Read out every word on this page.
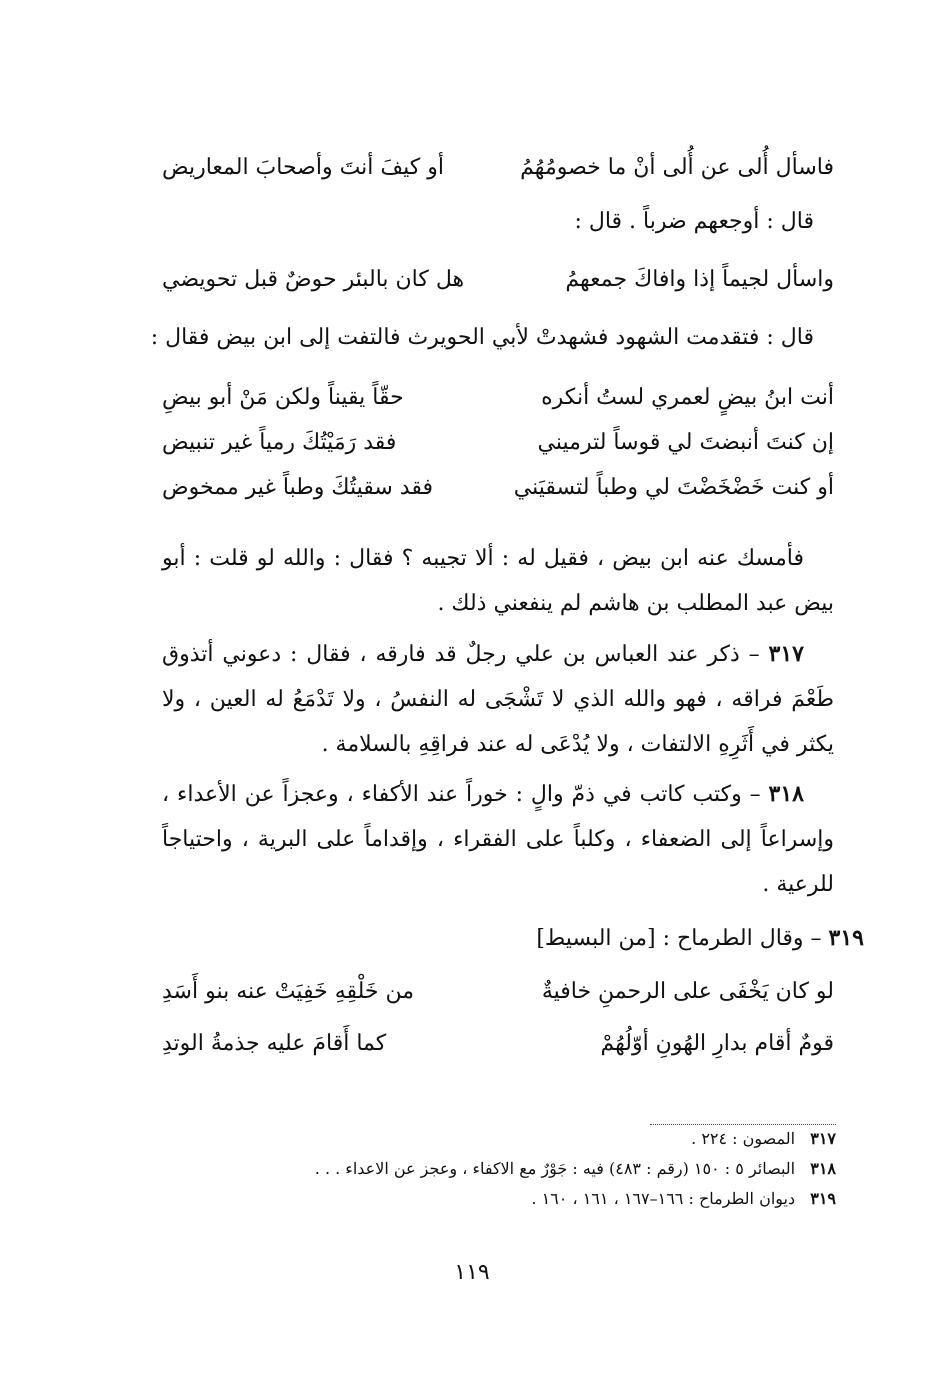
فاسأل أُلى عن أُلى أنْ ما خصومُهُمُ
أو كيفَ أنتَ وأصحابَ المعاريض
قال : أوجعهم ضرباً . قال :
واسأل لجيماً إذا وافاكَ جمعهمُ
هل كان بالبئر حوضٌ قبل تحويضي
قال : فتقدمت الشهود فشهدتْ لأبي الحويرث فالتفت إلى ابن بيض فقال :
أنت ابنُ بيضٍ لعمري لستُ أنكره
حقّاً يقيناً ولكن مَنْ أبو بيضِ
إن كنتَ أنبضتَ لي قوساً لترميني
فقد رَمَيْتُكَ رمياً غير تنبيض
أو كنت خَضْخَضْتَ لي وطباً لتسقيَني
فقد سقيتُكَ وطباً غير ممخوض
فأمسك عنه ابن بيض ، فقيل له : ألا تجيبه ؟ فقال : والله لو قلت : أبو بيض عبد المطلب بن هاشم لم ينفعني ذلك .
٣١٧ – ذكر عند العباس بن علي رجلٌ قد فارقه ، فقال : دعوني أتذوق طَعْمَ فراقه ، فهو والله الذي لا تَشْجَى له النفسُ ، ولا تَدْمَعُ له العين ، ولا يكثر في أَثَرِهِ الالتفات ، ولا يُدْعَى له عند فراقِهِ بالسلامة .
٣١٨ – وكتب كاتب في ذمّ والٍ : خوراً عند الأكفاء ، وعجزاً عن الأعداء ، وإسراعاً إلى الضعفاء ، وكلباً على الفقراء ، وإقداماً على البرية ، واحتياجاً للرعية .
٣١٩ – وقال الطرماح : [من البسيط]
لو كان يَخْفَى على الرحمنِ خافيةٌ
من خَلْقِهِ خَفِيَتْ عنه بنو أَسَدِ
قومٌ أقام بدارِ الهُونِ أوّلُهُمْ
كما أَقامَ عليه جذمةُ الوتدِ
٣١٧ المصون : ٢٢٤ .
٣١٨ البصائر ٥ : ١٥٠ (رقم : ٤٨٣) فيه : جَوْرٌ مع الاكفاء ، وعجز عن الاعداء . . .
٣١٩ ديوان الطرماح : ١٦٦–١٦٧ ، ١٦١ ، ١٦٠ .
١١٩
